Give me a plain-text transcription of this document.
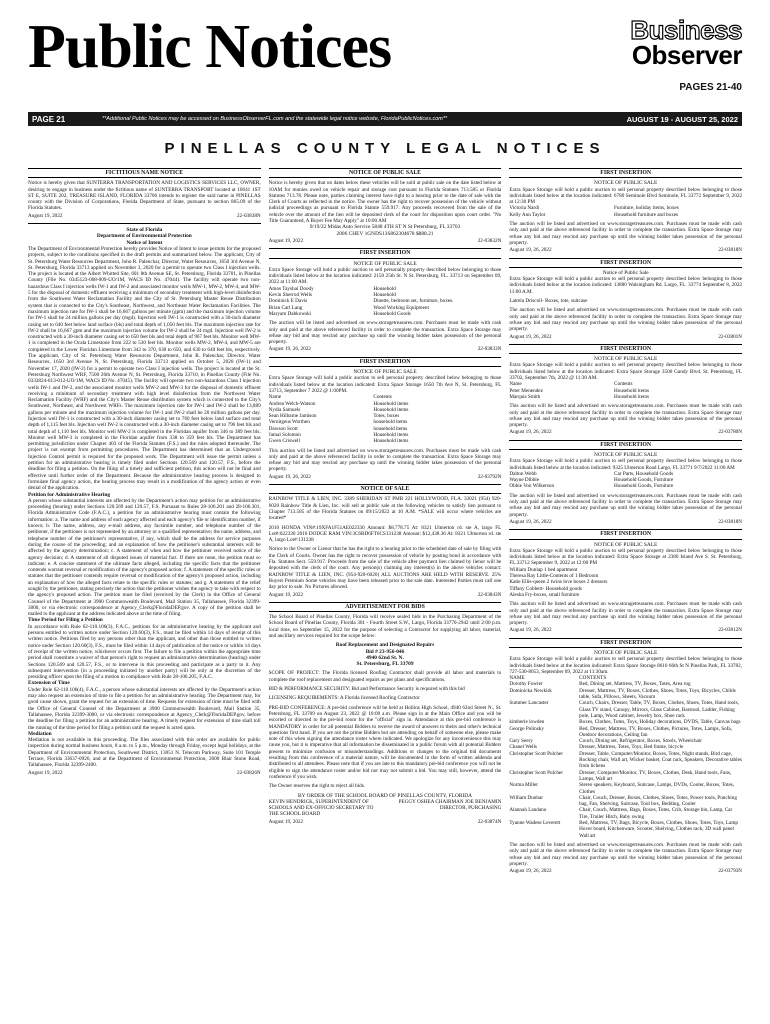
Public Notices	Business
Observer
PAGES 21-40
PAGE 21	**Additional Public Notices may be accessed on BusinessObserverFL.com and the statewide legal notice website, FloridaPublicNotices.com**	AUGUST 19 - AUGUST 25, 2022
PINELLAS COUNTY LEGAL NOTICES
FICTITIOUS NAME NOTICE

Notice is hereby given that SUNTERRA TRANSPORTATION AND LOGISTICS SERVICES LLC, OWNER, desiring to engage in business under the fictitious name of SUNTERRA TRANSPORT located at 10641 1ST ST E, SUITE 202, TREASURE ISLAND, FLORIDA 33706 intends to register the said name in PINELLAS county with the Division of Corporations, Florida Department of State, pursuant to section 865.09 of the Florida Statutes.

August 19, 2022	22-03838N
State of Florida
Department of Environmental Protection
Notice of Intent

The Department of Environmental Protection hereby provides Notice of Intent to issue permits for the proposed projects, subject to the conditions specified in the draft permits and summarized below. The applicant, City of St. Petersburg Water Resources Department, John R. Palenchar, Director, Water Resources, 1650 3rd Avenue N, St. Petersburg, Florida 33713 applied on November 3, 2020 for a permit to operate two Class I injection wells. The project is located at the Albert Whitted Site, 601 8th Avenue SE, St. Petersburg, Florida 33701, in Pinellas County (File No. 0345123-008-009-UO/1M, WACS ID No. 47044). The facility will operate two non-hazardous Class I injection wells IW-1 and IW-2 and associated monitor wells MW-1, MW-2, MW-4, and MW-5 for the disposal of domestic effluent receiving a minimum of secondary treatment with high-level disinfection from the Southwest Water Reclamation Facility and the City of St. Petersburg Master Reuse Distribution system that is connected to the City's Southeast, Northwest, and Northeast Water Reclamation Facilities. The maximum injection rate for IW-1 shall be 16,667 gallons per minute (gpm) and the maximum injection volume for IW-1 shall be 24 million gallons per day (mgd). Injection well IW-1 is constructed with a 30-inch diameter casing set to 640 feet below land surface (bls) and total depth of 1,050 feet bls. The maximum injection rate for IW-2 shall be 16,667 gpm and the maximum injection volume for IW-2 shall be 24 mgd. Injection well IW-2 is constructed with a 30-inch diameter casing set to 650 feet bls and total depth of 967 feet bls. Monitor well MW-1 is completed in the Ocala Limestone from 222 to 530 feet bls. Monitor wells MW-2, MW-4, and MW-5 are completed in the Lower Floridan Limestone from 342 to 370, 630 to 650, and 630 to 640 feet bls, respectively. The applicant, City of St. Petersburg Water Resources Department, John R. Palenchar, Director, Water Resources, 1650 3rd Avenue N, St. Petersburg, Florida 33713 applied on October 5, 2020 (IW-1) and November 17, 2020 (IW-2) for a permit to operate two Class I injection wells. The project is located at the St. Petersburg Northwest WRF, 7500 26th Avenue N, St. Petersburg, Florida 33710, in Pinellas County (File No. 0333824-013-012-UO/1M, WACS ID No. 47045). The facility will operate two non-hazardous Class I injection wells IW-1 and IW-2, and the associated monitor wells MW-2 and MW-3 for the disposal of domestic effluent receiving a minimum of secondary treatment with high level disinfection from the Northwest Water Reclamation Facility (WRF) and the City's Master Reuse distribution system which is connected to the City's Southwest, Northeast, and Northwest WRFs. The maximum injection rate for IW-1 and IW-2 shall be 13,889 gallons per minute and the maximum injection volume for IW-1 and IW-2 shall be 20 million gallons per day. Injection well IW-1 is constructed with a 30-inch diameter casing set to 760 feet below land surface and total depth of 1,115 feet bls. Injection well IW-2 is constructed with a 30-inch diameter casing set to 796 feet bls and total depth of 1,110 feet bls. Monitor well MW-2 is completed in the Floridan aquifer from 346 to 389 feet bls. Monitor well MW-3 is completed in the Floridan aquifer from 338 to 359 feet bls. The Department has permitting jurisdiction under Chapter 403 of the Florida Statutes (F.S.) and the rules adopted thereunder. The project is not exempt from permitting procedures. The Department has determined that an Underground Injection Control permit is required for the proposed work. The Department will issue the permit unless a petition for an administrative hearing is timely filed under Sections 120.569 and 120.57, F.S., before the deadline for filing a petition. On the filing of a timely and sufficient petition, this action will not be final and effective until further order of the Department. Because the administrative hearing process is designed to formulate final agency action, the hearing process may result in a modification of the agency action or even denial of the application.

Petition for Administrative Hearing

A person whose substantial interests are affected by the Department's action may petition for an administrative proceeding (hearing) under Sections 120.569 and 120.57, F.S. Pursuant to Rules 28-106.201 and 28-106.301, Florida Administrative Code (F.A.C.), a petition for an administrative hearing must contain the following information: a. The name and address of each agency affected and each agency's file or identification number, if known; b. The name, address, any e-mail address, any facsimile number, and telephone number of the petitioner, if the petitioner is not represented by an attorney or a qualified representative; the name, address, and telephone number of the petitioner's representative, if any, which shall be the address for service purposes during the course of the proceeding; and an explanation of how the petitioner's substantial interests will be affected by the agency determination; c. A statement of when and how the petitioner received notice of the agency decision; d. A statement of all disputed issues of material fact. If there are none, the petition must so indicate; e. A concise statement of the ultimate facts alleged, including the specific facts that the petitioner contends warrant reversal or modification of the agency's proposed action; f. A statement of the specific rules or statutes that the petitioner contends require reversal or modification of the agency's proposed action, including an explanation of how the alleged facts relate to the specific rules or statutes; and g. A statement of the relief sought by the petitioner, stating precisely the action that the petitioner wishes the agency to take with respect to the agency's proposed action. The petition must be filed (received by the Clerk) in the Office of General Counsel of the Department at 3900 Commonwealth Boulevard, Mail Station 35, Tallahassee, Florida 32399-3000, or via electronic correspondence at Agency_Clerk@FloridaDEP.gov. A copy of the petition shall be mailed to the applicant at the address indicated above at the time of filing.

Time Period for Filing a Petition

In accordance with Rule 62-110.106(3), F.A.C., petitions for an administrative hearing by the applicant and persons entitled to written notice under Section 120.60(3), F.S., must be filed within 14 days of receipt of this written notice. Petitions filed by any persons other than the applicant, and other than those entitled to written notice under Section 120.60(3), F.S., must be filed within 14 days of publication of the notice or within 14 days of receipt of the written notice, whichever occurs first. The failure to file a petition within the appropriate time period shall constitute a waiver of that person's right to request an administrative determination (hearing) under Sections 120.569 and 120.57, F.S., or to intervene in this proceeding and participate as a party to it. Any subsequent intervention (in a proceeding initiated by another party) will be only at the discretion of the presiding officer upon the filing of a motion in compliance with Rule 28-106.205, F.A.C.

Extension of Time

Under Rule 62-110.106(4), F.A.C., a person whose substantial interests are affected by the Department's action may also request an extension of time to file a petition for an administrative hearing. The Department may, for good cause shown, grant the request for an extension of time. Requests for extension of time must be filed with the Office of General Counsel of the Department at 3900 Commonwealth Boulevard, Mail Station 35, Tallahassee, Florida 32399-3000, or via electronic correspondence at Agency_Clerk@FloridaDEP.gov, before the deadline for filing a petition for an administrative hearing. A timely request for extension of time shall toll the running of the time period for filing a petition until the request is acted upon.

Mediation

Mediation is not available in this proceeding. The files associated with this order are available for public inspection during normal business hours, 8 a.m. to 5 p.m., Monday through Friday, except legal holidays, at the Department of Environmental Protection, Southwest District, 13051 N. Telecom Parkway, Suite 101 Temple Terrace, Florida 33637-0926, and at the Department of Environmental Protection, 2600 Blair Stone Road, Tallahassee, Florida 32399-2400.

August 19, 2022	22-03826N
NOTICE OF PUBLIC SALE

Notice is hereby given that on dates below these vehicles will be sold at public sale on the date listed below at 10AM for monies owed on vehicle repair and storage cost pursuant to Florida Statutes 713.585 or Florida Statutes 713.78. Please note, parties claiming interest have right to a hearing prior to the date of sale with the Clerk of Courts as reflected in the notice. The owner has the right to recover possession of the vehicle without judicial proceedings as pursuant to Florida Statute 559.917. Any proceeds recovered from the sale of the vehicle over the amount of the lien will be deposited clerk of the court for disposition upon court order. "No Title Guaranteed, A Buyer Fee May Apply" at 10:00 AM

9/19/22 Midas Auto Service 5848 4TH ST N St Petersburg, FL 33703
2006 CHEV 1GNDS13S862304678 $888.21
August 19, 2022	22-03832N
FIRST INSERTION
NOTICE OF PUBLIC SALE

Extra Space Storage will hold a public auction to sell personally property described below belonging to those individuals listed below at the location indicated: 2150 25th St. N St. Petersburg, FL. 33713 on September 09, 2022 at 11:00 AM.

Amos Tayshai Doody	Household
Kevin Sherrod Wells	Household
Dominick E Davis	Dinette, bedroom set, furniture, boxes.
Brian Carl Lang	Wood Working Equipment
Maryam Dabkowski	Household Goods

The auction will be listed and advertised on www.storagetreasures.com. Purchases must be made with cash only and paid at the above referenced facility in order to complete the transaction. Extra Space Storage may refuse any bid and may rescind any purchase up until the winning bidder takes possession of the personal property.

August 19, 26, 2022	22-03833N
FIRST INSERTION
NOTICE OF PUBLIC SALE

Extra Space Storage will hold a public auction to sell personal property described below belonging to those individuals listed below at the location indicated: Extra Space Storage 1650 7th Ave N, St. Petersburg, FL 33713, September 7 2022 @ 1:00PM.

Name	Contents
Andrea Welch-Watson	Household items
Nydia Samuels	Household items
Sean Hilbarne Jamison	Totes, boxes
Vernitgeus Worthen	household items
Dawson Scott	household items
Jamal Solomon	Household items
Gwen Criswell	Household items

This auction will be listed and advertised on www.storagetreasures.com. Purchases must be made with cash only and paid at the above referenced facility in order to complete the transaction. Extra Space Storage may refuse any bid and may rescind any purchase up until the winning bidder takes possession of the personal property.

August 19, 26, 2022	22-03792N
NOTICE OF SALE

RAINBOW TITLE & LIEN, INC. 3389 SHERIDAN ST PMB 221 HOLLYWOOD, FLA. 33021 (954) 920-6020 Rainbow Title & Lien, Inc. will sell at public sale at the following vehicles to satisfy lien pursuant to Chapter 713.585 of the Florida Statutes on 09/15/2022 at 10 A.M. *SALE will occur where vehicles are located*

2010 HONDA VIN#:19XFA1F51AE022330 Amount: $8,778.75 At: 8321 Ulmerton rd. ste A, largo FL Lot#:022330 2016 DODGE RAM VIN:3C6RD6FT6CS131238 Amount: $12,438.36 At: 8321 Ulmerton rd. ste A, largo Lot#:131238

Notice to the Owner or Lienor that he has the right to a hearing prior to the scheduled date of sale by filing with the Clerk of Courts. Owner has the right to recover possession of vehicle by posting bond in accordance with Fla. Statutes Sect. 559.917. Proceeds from the sale of the vehicle after payment lien claimed by lienor will be deposited with the clerk of the court. Any person(s) claiming any interest(s) in the above vehicles contact: RAINBOW TITLE & LIEN, INC. (954-920-6020) ALL AUCTIONS ARE HELD WITH RESERVE. 25% Buyers Premium Some vehicles may have been released prior to the sale date. Interested Parties must call one day prior to sale. No Pictures allowed.

August 19, 2022	22-03843N
ADVERTISEMENT FOR BIDS

The School Board of Pinellas County, Florida will receive sealed bids in the Purchasing Department of the School Board of Pinellas County, Florida 301 - Fourth Street S.W., Largo, Florida 33770-2942 until 2:00 p.m. local time, on September 15, 2022 for the purpose of selecting a Contractor for supplying all labor, material, and ancillary services required for the scope below:

Roof Replacement and Designated Repairs
Bid # 23-956-046
4940 62nd St. N.
St. Petersburg, FL 33709

SCOPE OF PROJECT: The Florida licensed Roofing Contractor shall provide all labor and materials to complete the roof replacement and designated repairs as per plans and specifications.

BID & PERFORMANCE SECURITY: Bid and Performance Security is required with this bid

LICENSING REQUIREMENTS: A Florida licensed Roofing Contractor

PRE-BID CONFERENCE: A pre-bid conference will be held at Hollins High School, 4940 62nd Street N., St. Petersburg, FL 33709 on August 23, 2022 @ 10:00 a.m. Please sign in at the Main Office and you will be escorted or directed to the pre-bid room for the "official" sign in. Attendance at this pre-bid conference is MANDATORY in order for all potential Bidders to receive the award of answers to theirs and other's technical questions first hand. If you are not the prime Bidders but are attending on behalf of someone else, please make note of this when signing the attendance roster where indicated. We apologize for any inconvenience this may cause you, but it is imperative that all information be disseminated in a public forum with all potential Bidders present to minimize confusion or misunderstandings. Additions or changes to the original bid documents resulting from this conference of a material nature, will be documented in the form of written addenda and distributed to all attendees. Please note that if you are late to this mandatory pre-bid conference you will not be eligible to sign the attendance roster and/or bid nor may not submit a bid. You may still, however, attend the conference if you wish.

The Owner reserves the right to reject all bids.

BY ORDER OF THE SCHOOL BOARD OF PINELLAS COUNTY, FLORIDA
KEVIN HENDRICK, SUPERINTENDENT OF SCHOOLS AND EX-OFFICIO SECRETARY TO THE SCHOOL BOARD
PEGGY OSHEA CHAIRMAN JOE BENJAMIN DIRECTOR, PURCHASING
August 19, 2022	22-03874N
FIRST INSERTION
NOTICE OF PUBLIC SALE

Extra Space Storage will hold a public auction to sell personal property described below belonging to those individuals listed below at the location indicated: 6780 Seminole Blvd Seminole, FL 33772 September 9, 2022 at 12:30 PM

Victoria Nardi	Furniture, holiday items, boxes
Kelly Ann Taylor	Household furniture and boxes

The auction will be listed and advertised on www.storagetreasures.com. Purchases must be made with cash only and paid at the above referenced facility in order to complete the transaction. Extra Space Storage may refuse any bid and may rescind any purchase up until the winning bidder takes possession of the personal property.

August 19, 26, 2022	22-03818N
FIRST INSERTION
Notice of Public Sale

Extra Space Storage will hold a public auction to sell personal property described below belonging to those individuals listed below at the location indicated: 13880 Walsingham Rd. Largo, FL. 33774 September 8, 2022 11:00 A.M.

Latrela Driscoll- Boxes, tote, suitcase

The auction will be listed and advertised on www.storagetreasures.com. Purchases must be made with cash only and paid at the above referenced facility in order to complete the transaction. Extra Space Storage may refuse any bid and may rescind any purchase up until the winning bidder takes possession of the personal property.

August 19, 26, 2022	22-03801N
FIRST INSERTION
NOTICE OF PUBLIC SALE

Extra Space Storage will hold a public auction to sell personal property described below belonging to those individuals listed below at the location indicated: Extra Space Storage 3500 Gandy Blvd. St. Petersburg, FL 33702, September 7th, 2022 @ 11:30 AM.

Name	Contents
Peter Menendez	Household items
Marquis Smith	Household items

This auction will be listed and advertised on www.storagetreasures.com. Purchases must be made with cash only and paid at the above referenced facility in order to complete the transaction. Extra Space Storage may refuse any bid and may rescind any purchase up until the winning bidder takes possession of the personal property.

August 19, 26, 2022	22-03780N
FIRST INSERTION
NOTICE OF PUBLIC SALE

Extra Space Storage will hold a public auction to sell personal property described below belonging to those individuals listed below at the location indicated: 9325 Ulmerton Road Largo, FL 33771 9/7/2022 11:00 AM

Dalton Webb	Car Parts, Household Goods
Wayne Dibble	Household Goods, Furniture
Obbie Von Wilkerson	Household Goods, Furniture

The auction will be listed and advertised on www.storagetreasures.com. Purchases must be made with cash only and paid at the above referenced facility in order to complete the transaction. Extra Space Storage may refuse any bid and may rescind any purchase up until the winning bidder takes possession of the personal property.

August 19, 26, 2022	22-03818N
FIRST INSERTION
NOTICE OF PUBLIC SALE

Extra Space Storage will hold a public auction to sell personal property described below belonging to those individuals listed below at the location indicated: Extra Space Storage at 2380 Island Ave S. St. Petersburg, FL.33712 September 9, 2022 at 12:00 PM

William Dunlap 1 bed apartment
Theresa Ray Little-Contents of 1 Bedroom
Katie Ellis-queen 2 twins love boxes 2 dressers
Tiffany Cobbert- Household goods
Alesha Fry-boxes, small furniture

This auction will be listed and advertised on www.storagetreasures.com. Purchases must be made with cash only and paid at the above referenced facility in order to complete the transaction. Extra Space Storage may refuse any bid and may rescind any purchase up until the winning bidder takes possession of the personal property.

August 19, 26, 2022	22-03812N
FIRST INSERTION
NOTICE OF PUBLIC SALE

Extra Space Storage will hold a public auction to sell personal property described below belonging to those individuals listed below at the location indicated: Extra Space Storage 8610 66th St N Pinellas Park, FL 33782, 727-530-8053, September 09, 2022 at 11:30am.

NAME	CONTENTS
Dorothy Fowler	Bed, Dining set, Mattress, TV, Boxes, Totes, Area rug
Dominicka Newkirk	Dresser, Mattress, TV, Boxes, Clothes, Shoes, Totes, Toys, Bicycles, Childs table, Sofa, Pillows, Sheets, Vacuum
Summer Lancaster	Couch, Chairs, Dresser, Table, TV, Boxes, Clothes, Shoes, Totes, Hand tools, Glass TV stand, Canopy, Mirrors, Glass Cabinet, Barstool, Ladder, Fishing pole, Lamp, Wood cabinet, Jewelry box, Shoe rack
kimberle lowden	Boxes, Clothes, Totes, Toys, Holiday decorations, DVDS, Table, Canvas bags
George Polinsky	Bed, Dresser, Mattress, TV, Boxes, Clothes, Pictures, Totes, Lamps, Sofa, Outdoor decorations, Ceiling fan
Gary Seery	Couch, Dining set, Refrigerator, Boxes, Stools, Wheelchair
Chanel Wells	Dresser, Mattress, Totes, Toys, Bed frame, bicycle
Christopher Scott Pulcher	Dresser, Table, Computer/Monitor, Boxes, Totes, Night stands, Bird cage, Rocking chair, Wall art, Wicker basket, Coat rack, Speakers, Decorative tables from lichens
Christopher Scott Pulcher	Dresser, Computer/Monitor, TV, Boxes, Clothes, Desk, Hand tools, Fans, Lamps, Wall art
Norma Miller	Stereo speakers, Keyboard, Suitcase, Lamps, DVDs, Cooler, Boxes, Totes, Clothes
William Dunbar	Chair, Couch, Dresser, Boxes, Clothes, Shoes, Totes, Power tools, Punching bag, Fan, Shelving, Suitcase, Tool box, Bedding, Cooler
Alannah Landano	Chair, Couch, Mattress, Bags, Boxes, Totes, Crib, Storage bin, Lamp, Car Tire, Trailer Hitch, Baby swing
Tyanne Wadese Leverett	Bed, Mattress, TV, Bags, Bicycle, Boxes, Clothes, Shoes, Totes, Toys, Lamp Hover board, Kitchenware, Scooter, Shelving, Clothes rack, 3D wall panel Wall art

The auction will be listed and advertised on www.storagetreasures.com. Purchases must be made with cash only and paid at the above referenced facility in order to complete the transaction. Extra Space Storage may refuse any bid and may rescind any purchase up until the winning bidder takes possession of the personal property.

August 19, 26, 2022	22-03793N
